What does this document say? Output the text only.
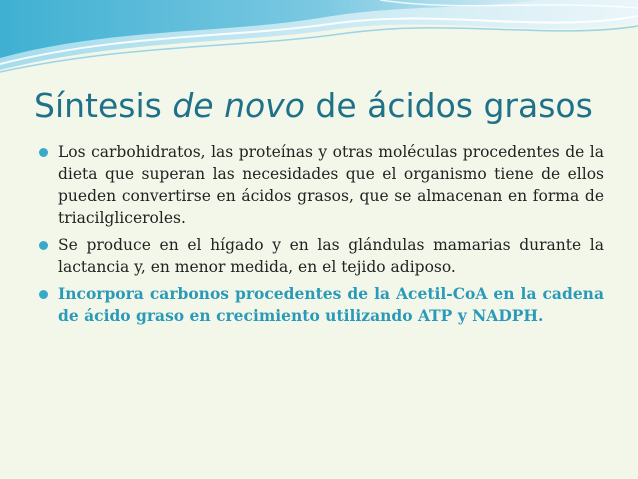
Síntesis de novo de ácidos grasos
Los carbohidratos, las proteínas y otras moléculas procedentes de la dieta que superan las necesidades que el organismo tiene de ellos pueden convertirse en ácidos grasos, que se almacenan en forma de triacilgliceroles.
Se produce en el hígado y en las glándulas mamarias durante la lactancia y, en menor medida, en el tejido adiposo.
Incorpora carbonos procedentes de la Acetil-CoA en la cadena de ácido graso en crecimiento utilizando ATP y NADPH.
